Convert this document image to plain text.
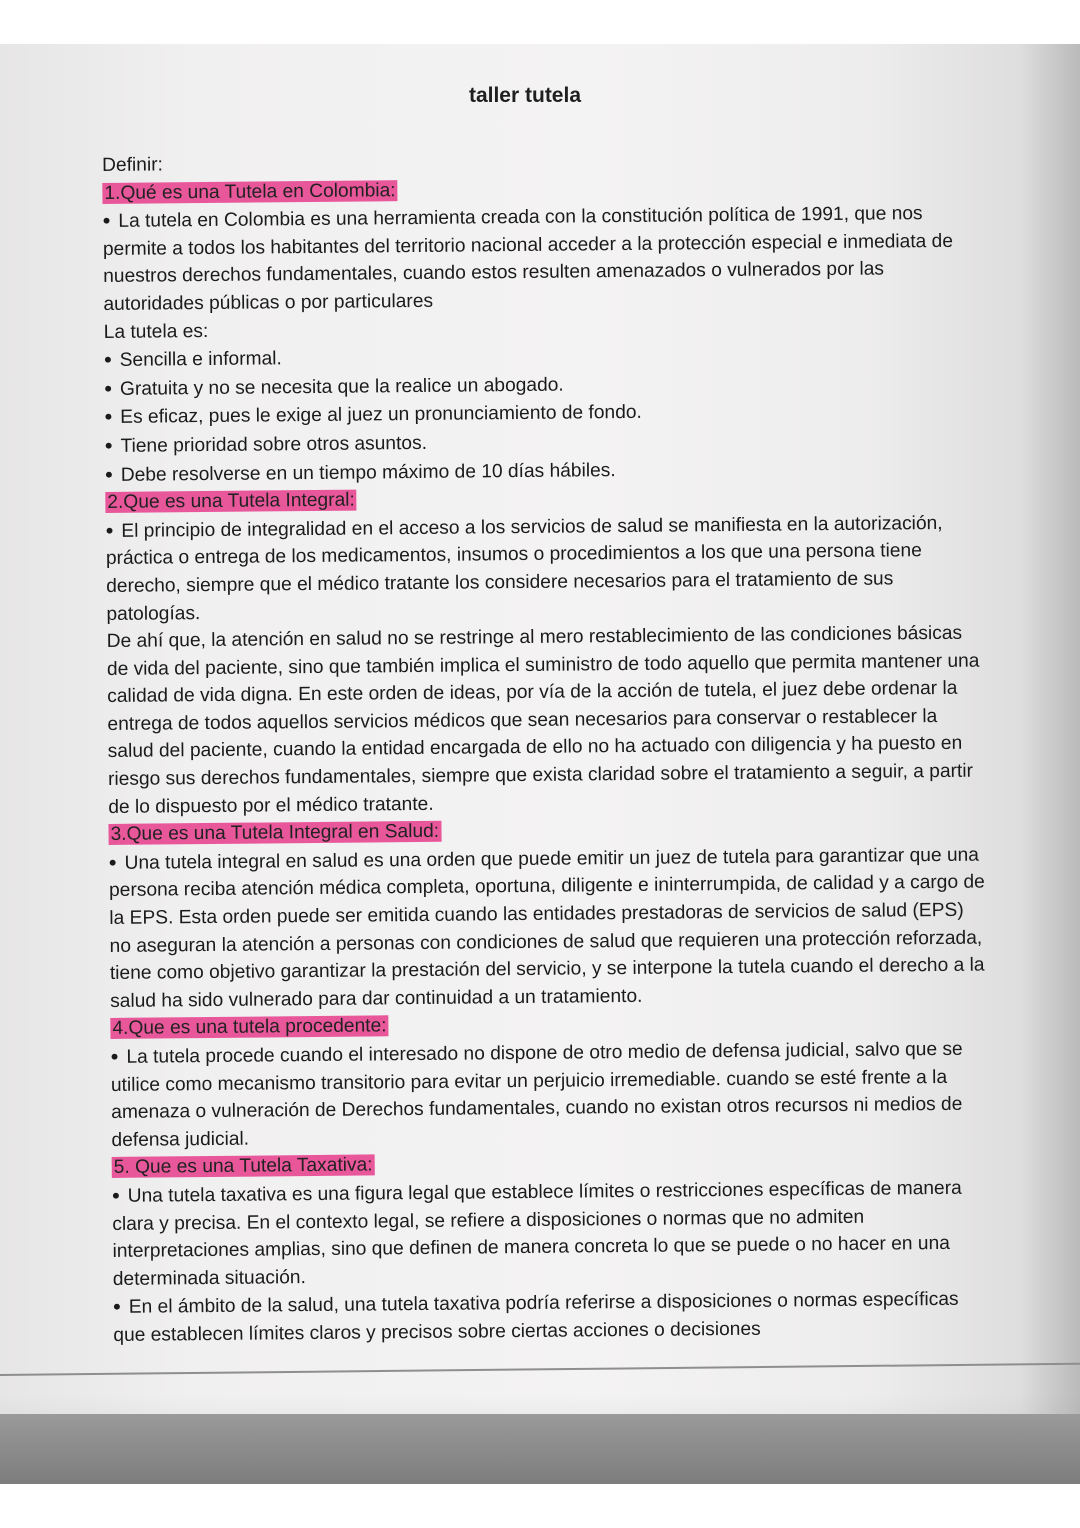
taller tutela

Definir:

1.Qué es una Tutela en Colombia:

• La tutela en Colombia es una herramienta creada con la constitución política de 1991, que nos permite a todos los habitantes del territorio nacional acceder a la protección especial e inmediata de nuestros derechos fundamentales, cuando estos resulten amenazados o vulnerados por las autoridades públicas o por particulares

La tutela es:

• Sencilla e informal.

• Gratuita y no se necesita que la realice un abogado.

• Es eficaz, pues le exige al juez un pronunciamiento de fondo.

• Tiene prioridad sobre otros asuntos.

• Debe resolverse en un tiempo máximo de 10 días hábiles.

2.Que es una Tutela Integral:

• El principio de integralidad en el acceso a los servicios de salud se manifiesta en la autorización, práctica o entrega de los medicamentos, insumos o procedimientos a los que una persona tiene derecho, siempre que el médico tratante los considere necesarios para el tratamiento de sus patologías.

De ahí que, la atención en salud no se restringe al mero restablecimiento de las condiciones básicas de vida del paciente, sino que también implica el suministro de todo aquello que permita mantener una calidad de vida digna. En este orden de ideas, por vía de la acción de tutela, el juez debe ordenar la entrega de todos aquellos servicios médicos que sean necesarios para conservar o restablecer la salud del paciente, cuando la entidad encargada de ello no ha actuado con diligencia y ha puesto en riesgo sus derechos fundamentales, siempre que exista claridad sobre el tratamiento a seguir, a partir de lo dispuesto por el médico tratante.

3.Que es una Tutela Integral en Salud:

• Una tutela integral en salud es una orden que puede emitir un juez de tutela para garantizar que una persona reciba atención médica completa, oportuna, diligente e ininterrumpida, de calidad y a cargo de la EPS. Esta orden puede ser emitida cuando las entidades prestadoras de servicios de salud (EPS) no aseguran la atención a personas con condiciones de salud que requieren una protección reforzada, tiene como objetivo garantizar la prestación del servicio, y se interpone la tutela cuando el derecho a la salud ha sido vulnerado para dar continuidad a un tratamiento.

4.Que es una tutela procedente:

• La tutela procede cuando el interesado no dispone de otro medio de defensa judicial, salvo que se utilice como mecanismo transitorio para evitar un perjuicio irremediable. cuando se esté frente a la amenaza o vulneración de Derechos fundamentales, cuando no existan otros recursos ni medios de defensa judicial.

5. Que es una Tutela Taxativa:

• Una tutela taxativa es una figura legal que establece límites o restricciones específicas de manera clara y precisa. En el contexto legal, se refiere a disposiciones o normas que no admiten interpretaciones amplias, sino que definen de manera concreta lo que se puede o no hacer en una determinada situación.

• En el ámbito de la salud, una tutela taxativa podría referirse a disposiciones o normas específicas que establecen límites claros y precisos sobre ciertas acciones o decisiones
